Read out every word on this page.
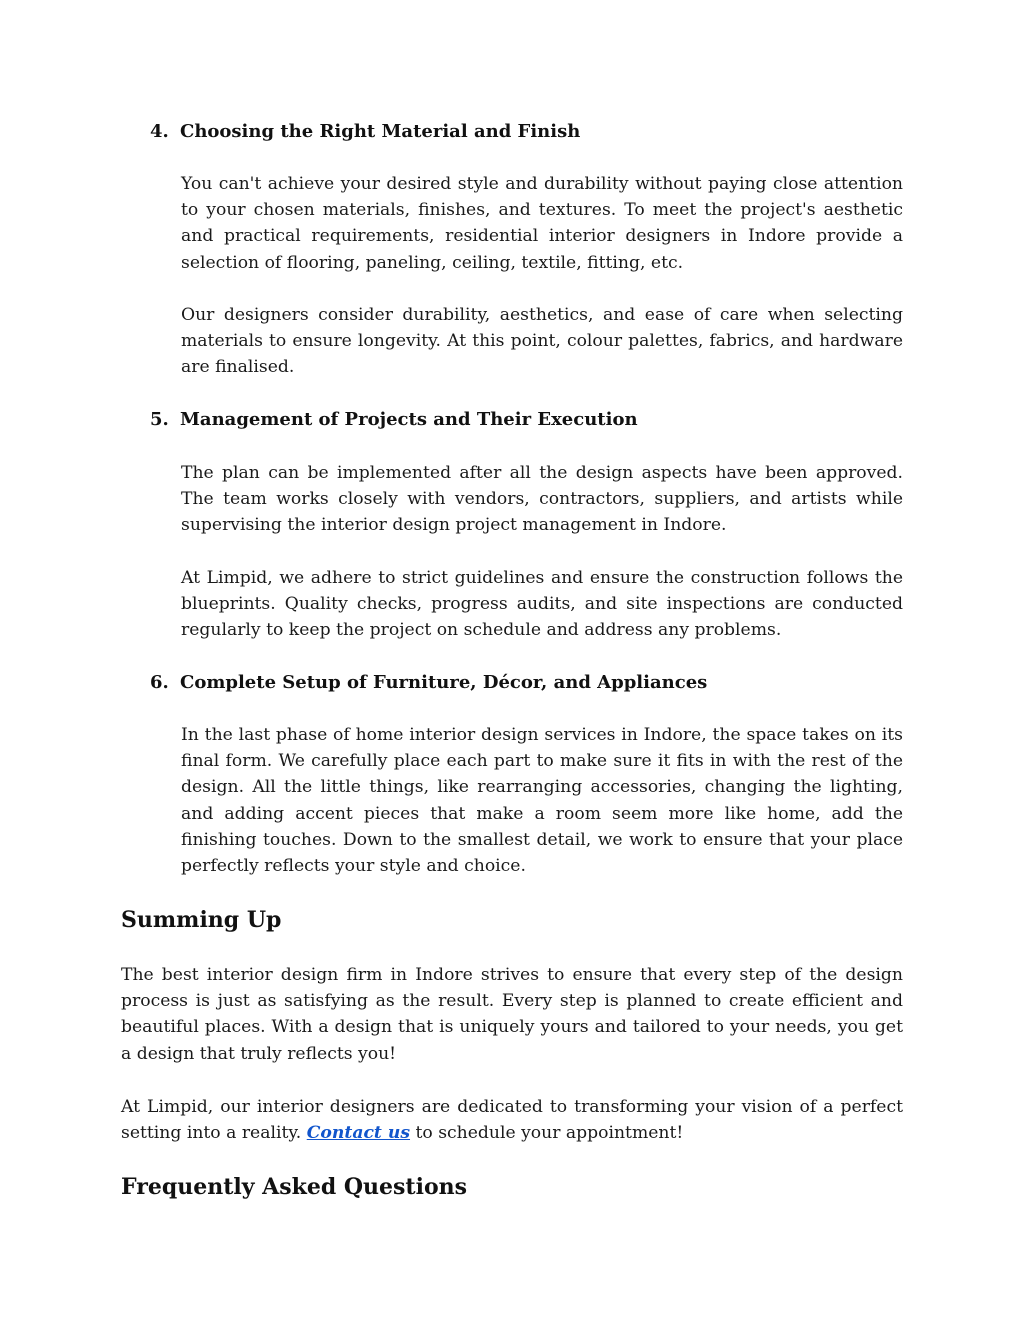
4. Choosing the Right Material and Finish

You can't achieve your desired style and durability without paying close attention to your chosen materials, finishes, and textures. To meet the project's aesthetic and practical requirements, residential interior designers in Indore provide a selection of flooring, paneling, ceiling, textile, fitting, etc.

Our designers consider durability, aesthetics, and ease of care when selecting materials to ensure longevity. At this point, colour palettes, fabrics, and hardware are finalised.

5. Management of Projects and Their Execution

The plan can be implemented after all the design aspects have been approved. The team works closely with vendors, contractors, suppliers, and artists while supervising the interior design project management in Indore.

At Limpid, we adhere to strict guidelines and ensure the construction follows the blueprints. Quality checks, progress audits, and site inspections are conducted regularly to keep the project on schedule and address any problems.

6. Complete Setup of Furniture, Décor, and Appliances

In the last phase of home interior design services in Indore, the space takes on its final form. We carefully place each part to make sure it fits in with the rest of the design. All the little things, like rearranging accessories, changing the lighting, and adding accent pieces that make a room seem more like home, add the finishing touches. Down to the smallest detail, we work to ensure that your place perfectly reflects your style and choice.

Summing Up

The best interior design firm in Indore strives to ensure that every step of the design process is just as satisfying as the result. Every step is planned to create efficient and beautiful places. With a design that is uniquely yours and tailored to your needs, you get a design that truly reflects you!

At Limpid, our interior designers are dedicated to transforming your vision of a perfect setting into a reality. Contact us to schedule your appointment!

Frequently Asked Questions
